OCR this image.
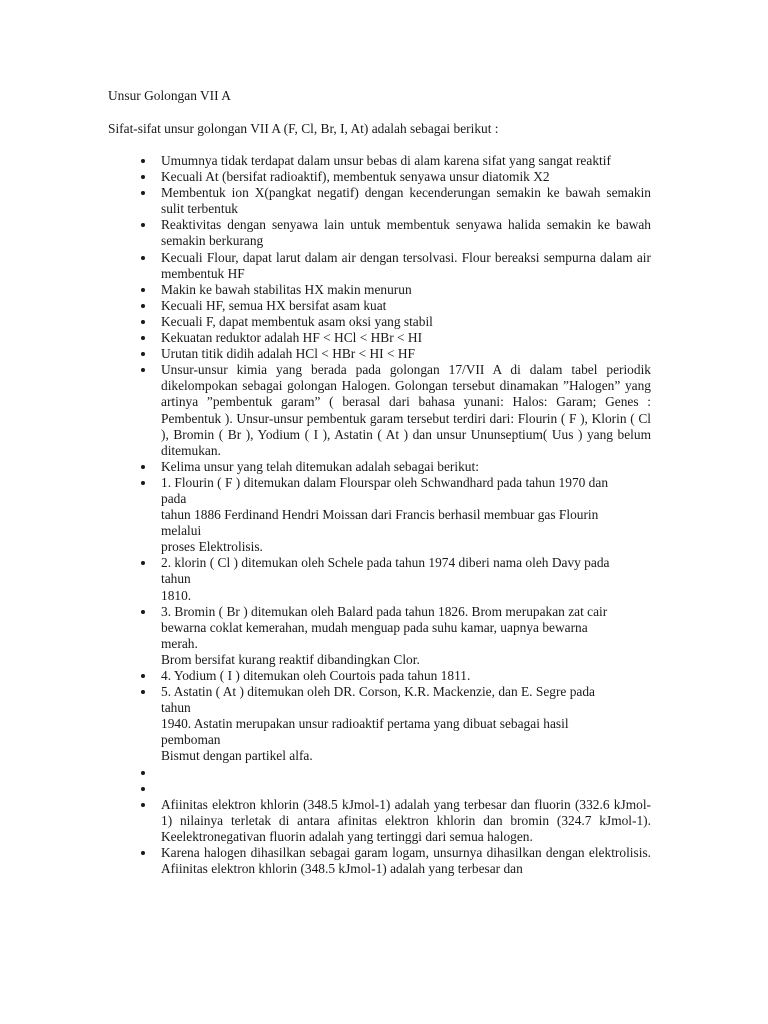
Unsur Golongan VII A

Sifat-sifat unsur golongan VII A (F, Cl, Br, I, At) adalah sebagai berikut :

Umumnya tidak terdapat dalam unsur bebas di alam karena sifat yang sangat reaktif
Kecuali At (bersifat radioaktif), membentuk senyawa unsur diatomik X2
Membentuk ion X(pangkat negatif) dengan kecenderungan semakin ke bawah semakin sulit terbentuk
Reaktivitas dengan senyawa lain untuk membentuk senyawa halida semakin ke bawah semakin berkurang
Kecuali Flour, dapat larut dalam air dengan tersolvasi. Flour bereaksi sempurna dalam air membentuk HF
Makin ke bawah stabilitas HX makin menurun
Kecuali HF, semua HX bersifat asam kuat
Kecuali F, dapat membentuk asam oksi yang stabil
Kekuatan reduktor adalah HF < HCl < HBr < HI
Urutan titik didih adalah HCl < HBr < HI < HF
Unsur-unsur kimia yang berada pada golongan 17/VII A di dalam tabel periodik dikelompokan sebagai golongan Halogen. Golongan tersebut dinamakan ”Halogen” yang artinya ”pembentuk garam” ( berasal dari bahasa yunani: Halos: Garam; Genes : Pembentuk ). Unsur-unsur pembentuk garam tersebut terdiri dari: Flourin ( F ), Klorin ( Cl ), Bromin ( Br ), Yodium ( I ), Astatin ( At ) dan unsur Ununseptium( Uus ) yang belum ditemukan.
Kelima unsur yang telah ditemukan adalah sebagai berikut:
1. Flourin ( F ) ditemukan dalam Flourspar oleh Schwandhard pada tahun 1970 dan
pada
tahun 1886 Ferdinand Hendri Moissan dari Francis berhasil membuar gas Flourin
melalui
proses Elektrolisis.
2. klorin ( Cl ) ditemukan oleh Schele pada tahun 1974 diberi nama oleh Davy pada
tahun
1810.
3. Bromin ( Br ) ditemukan oleh Balard pada tahun 1826. Brom merupakan zat cair
bewarna coklat kemerahan, mudah menguap pada suhu kamar, uapnya bewarna
merah.
Brom bersifat kurang reaktif dibandingkan Clor.
4. Yodium ( I ) ditemukan oleh Courtois pada tahun 1811.
5. Astatin ( At ) ditemukan oleh DR. Corson, K.R. Mackenzie, dan E. Segre pada
tahun
1940. Astatin merupakan unsur radioaktif pertama yang dibuat sebagai hasil
pemboman
Bismut dengan partikel alfa.
Afiinitas elektron khlorin (348.5 kJmol-1) adalah yang terbesar dan fluorin (332.6 kJmol-1) nilainya terletak di antara afinitas elektron khlorin dan bromin (324.7 kJmol-1). Keelektronegativan fluorin adalah yang tertinggi dari semua halogen.
Karena halogen dihasilkan sebagai garam logam, unsurnya dihasilkan dengan elektrolisis. Afiinitas elektron khlorin (348.5 kJmol-1) adalah yang terbesar dan
